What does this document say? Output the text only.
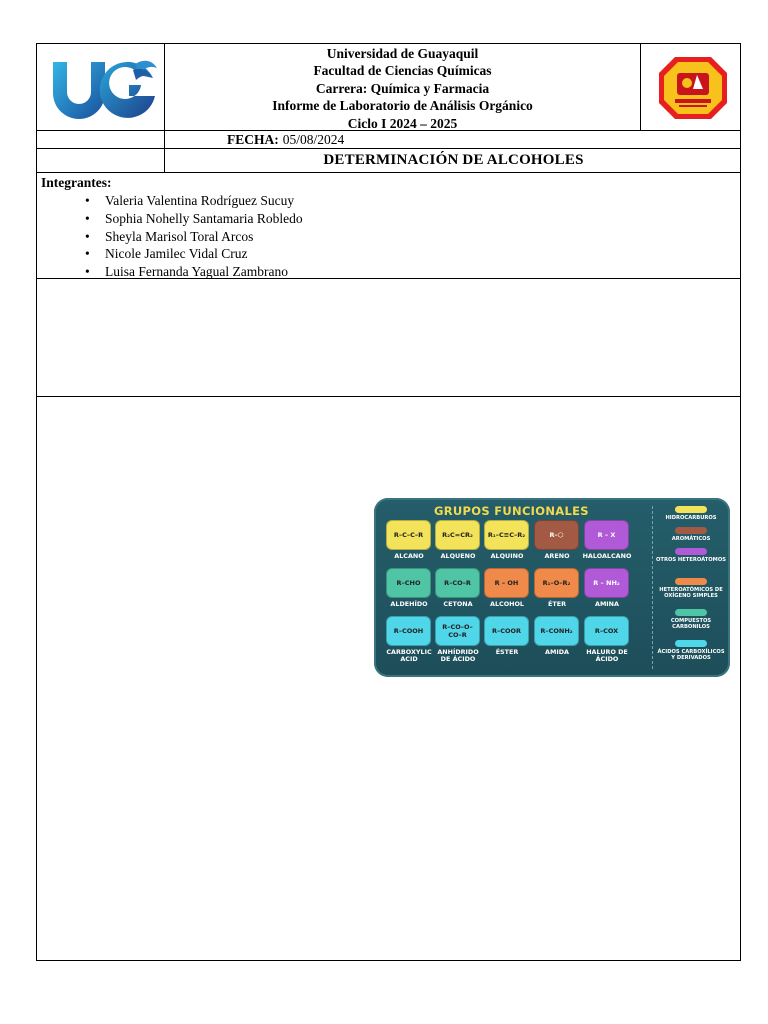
Universidad de Guayaquil
Facultad de Ciencias Químicas
Carrera: Química y Farmacia
Informe de Laboratorio de Análisis Orgánico
Ciclo I 2024 – 2025
FECHA: 05/08/2024
DETERMINACIÓN DE ALCOHOLES
Integrantes:
• Valeria Valentina Rodríguez Sucuy
• Sophia Nohelly Santamaria Robledo
• Sheyla Marisol Toral Arcos
• Nicole Jamilec Vidal Cruz
• Luisa Fernanda Yagual Zambrano
GRUPOS FUNCIONALES
R–C–C–R
ALCANO
R₂C=CR₂
ALQUENO
R₁–C≡C–R₂
ALQUINO
R–⬡
ARENO
R – X
HALOALCANO
R–CHO
ALDEHÍDO
R–CO–R
CETONA
R – OH
ALCOHOL
R₁–O–R₂
ÉTER
R – NH₂
AMINA
R–COOH
CARBOXYLIC ACID
R–CO–O–CO–R
ANHÍDRIDO DE ÁCIDO
R–COOR
ÉSTER
R–CONH₂
AMIDA
R–COX
HALURO DE ÁCIDO
HIDROCARBUROS
AROMÁTICOS
OTROS HETEROÁTOMOS
HETEROATÓMICOS DE OXÍGENO SIMPLES
COMPUESTOS CARBONILOS
ÁCIDOS CARBOXÍLICOS Y DERIVADOS
